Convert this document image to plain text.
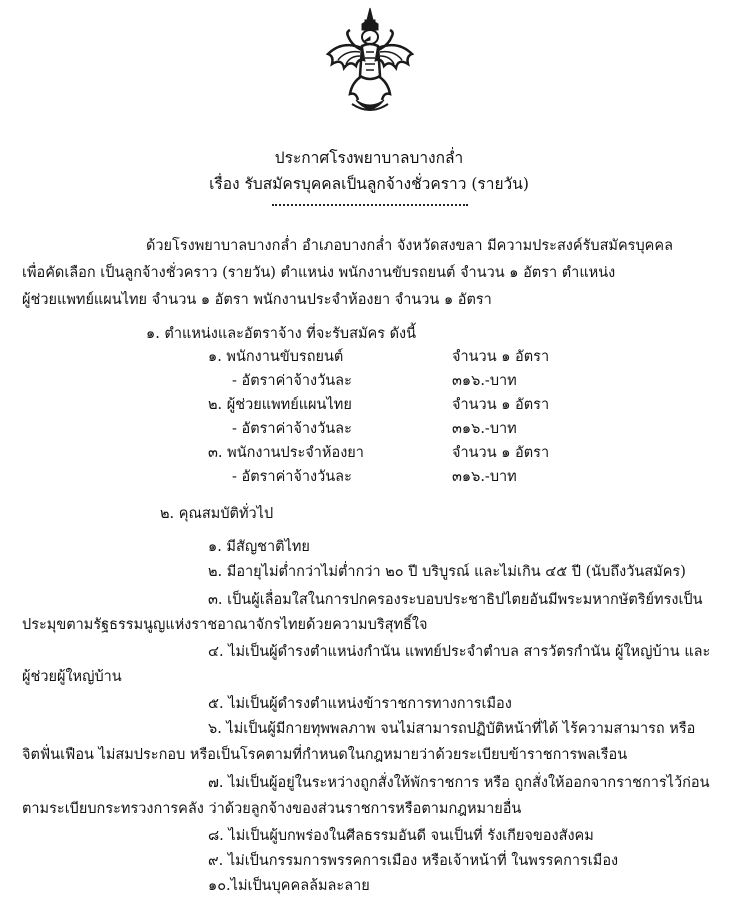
ประกาศโรงพยาบาลบางกล่ำ
เรื่อง รับสมัครบุคคลเป็นลูกจ้างชั่วคราว (รายวัน)
ด้วยโรงพยาบาลบางกล่ำ อำเภอบางกล่ำ จังหวัดสงขลา มีความประสงค์รับสมัครบุคคล
เพื่อคัดเลือก เป็นลูกจ้างชั่วคราว (รายวัน) ตำแหน่ง พนักงานขับรถยนต์ จำนวน ๑ อัตรา ตำแหน่ง
ผู้ช่วยแพทย์แผนไทย จำนวน ๑ อัตรา พนักงานประจำห้องยา จำนวน ๑ อัตรา
๑. ตำแหน่งและอัตราจ้าง ที่จะรับสมัคร ดังนี้
๑. พนักงานขับรถยนต์	จำนวน ๑ อัตรา
- อัตราค่าจ้างวันละ	๓๑๖.-บาท
๒. ผู้ช่วยแพทย์แผนไทย	จำนวน ๑ อัตรา
- อัตราค่าจ้างวันละ	๓๑๖.-บาท
๓. พนักงานประจำห้องยา	จำนวน ๑ อัตรา
- อัตราค่าจ้างวันละ	๓๑๖.-บาท
๒. คุณสมบัติทั่วไป
๑. มีสัญชาติไทย
๒. มีอายุไม่ต่ำกว่าไม่ต่ำกว่า ๒๐ ปี บริบูรณ์ และไม่เกิน ๔๕ ปี (นับถึงวันสมัคร)
๓. เป็นผู้เลื่อมใสในการปกครองระบอบประชาธิปไตยอันมีพระมหากษัตริย์ทรงเป็น
ประมุขตามรัฐธรรมนูญแห่งราชอาณาจักรไทยด้วยความบริสุทธิ์ใจ
๔. ไม่เป็นผู้ดำรงตำแหน่งกำนัน แพทย์ประจำตำบล สารวัตรกำนัน ผู้ใหญ่บ้าน และ
ผู้ช่วยผู้ใหญ่บ้าน
๕. ไม่เป็นผู้ดำรงตำแหน่งข้าราชการทางการเมือง
๖. ไม่เป็นผู้มีกายทุพพลภาพ จนไม่สามารถปฏิบัติหน้าที่ได้ ไร้ความสามารถ หรือ
จิตฟั่นเฟือน ไม่สมประกอบ หรือเป็นโรคตามที่กำหนดในกฎหมายว่าด้วยระเบียบข้าราชการพลเรือน
๗. ไม่เป็นผู้อยู่ในระหว่างถูกสั่งให้พักราชการ หรือ ถูกสั่งให้ออกจากราชการไว้ก่อน
ตามระเบียบกระทรวงการคลัง ว่าด้วยลูกจ้างของส่วนราชการหรือตามกฎหมายอื่น
๘. ไม่เป็นผู้บกพร่องในศีลธรรมอันดี จนเป็นที่ รังเกียจของสังคม
๙. ไม่เป็นกรรมการพรรคการเมือง หรือเจ้าหน้าที่ ในพรรคการเมือง
๑๐.ไม่เป็นบุคคลล้มละลาย
